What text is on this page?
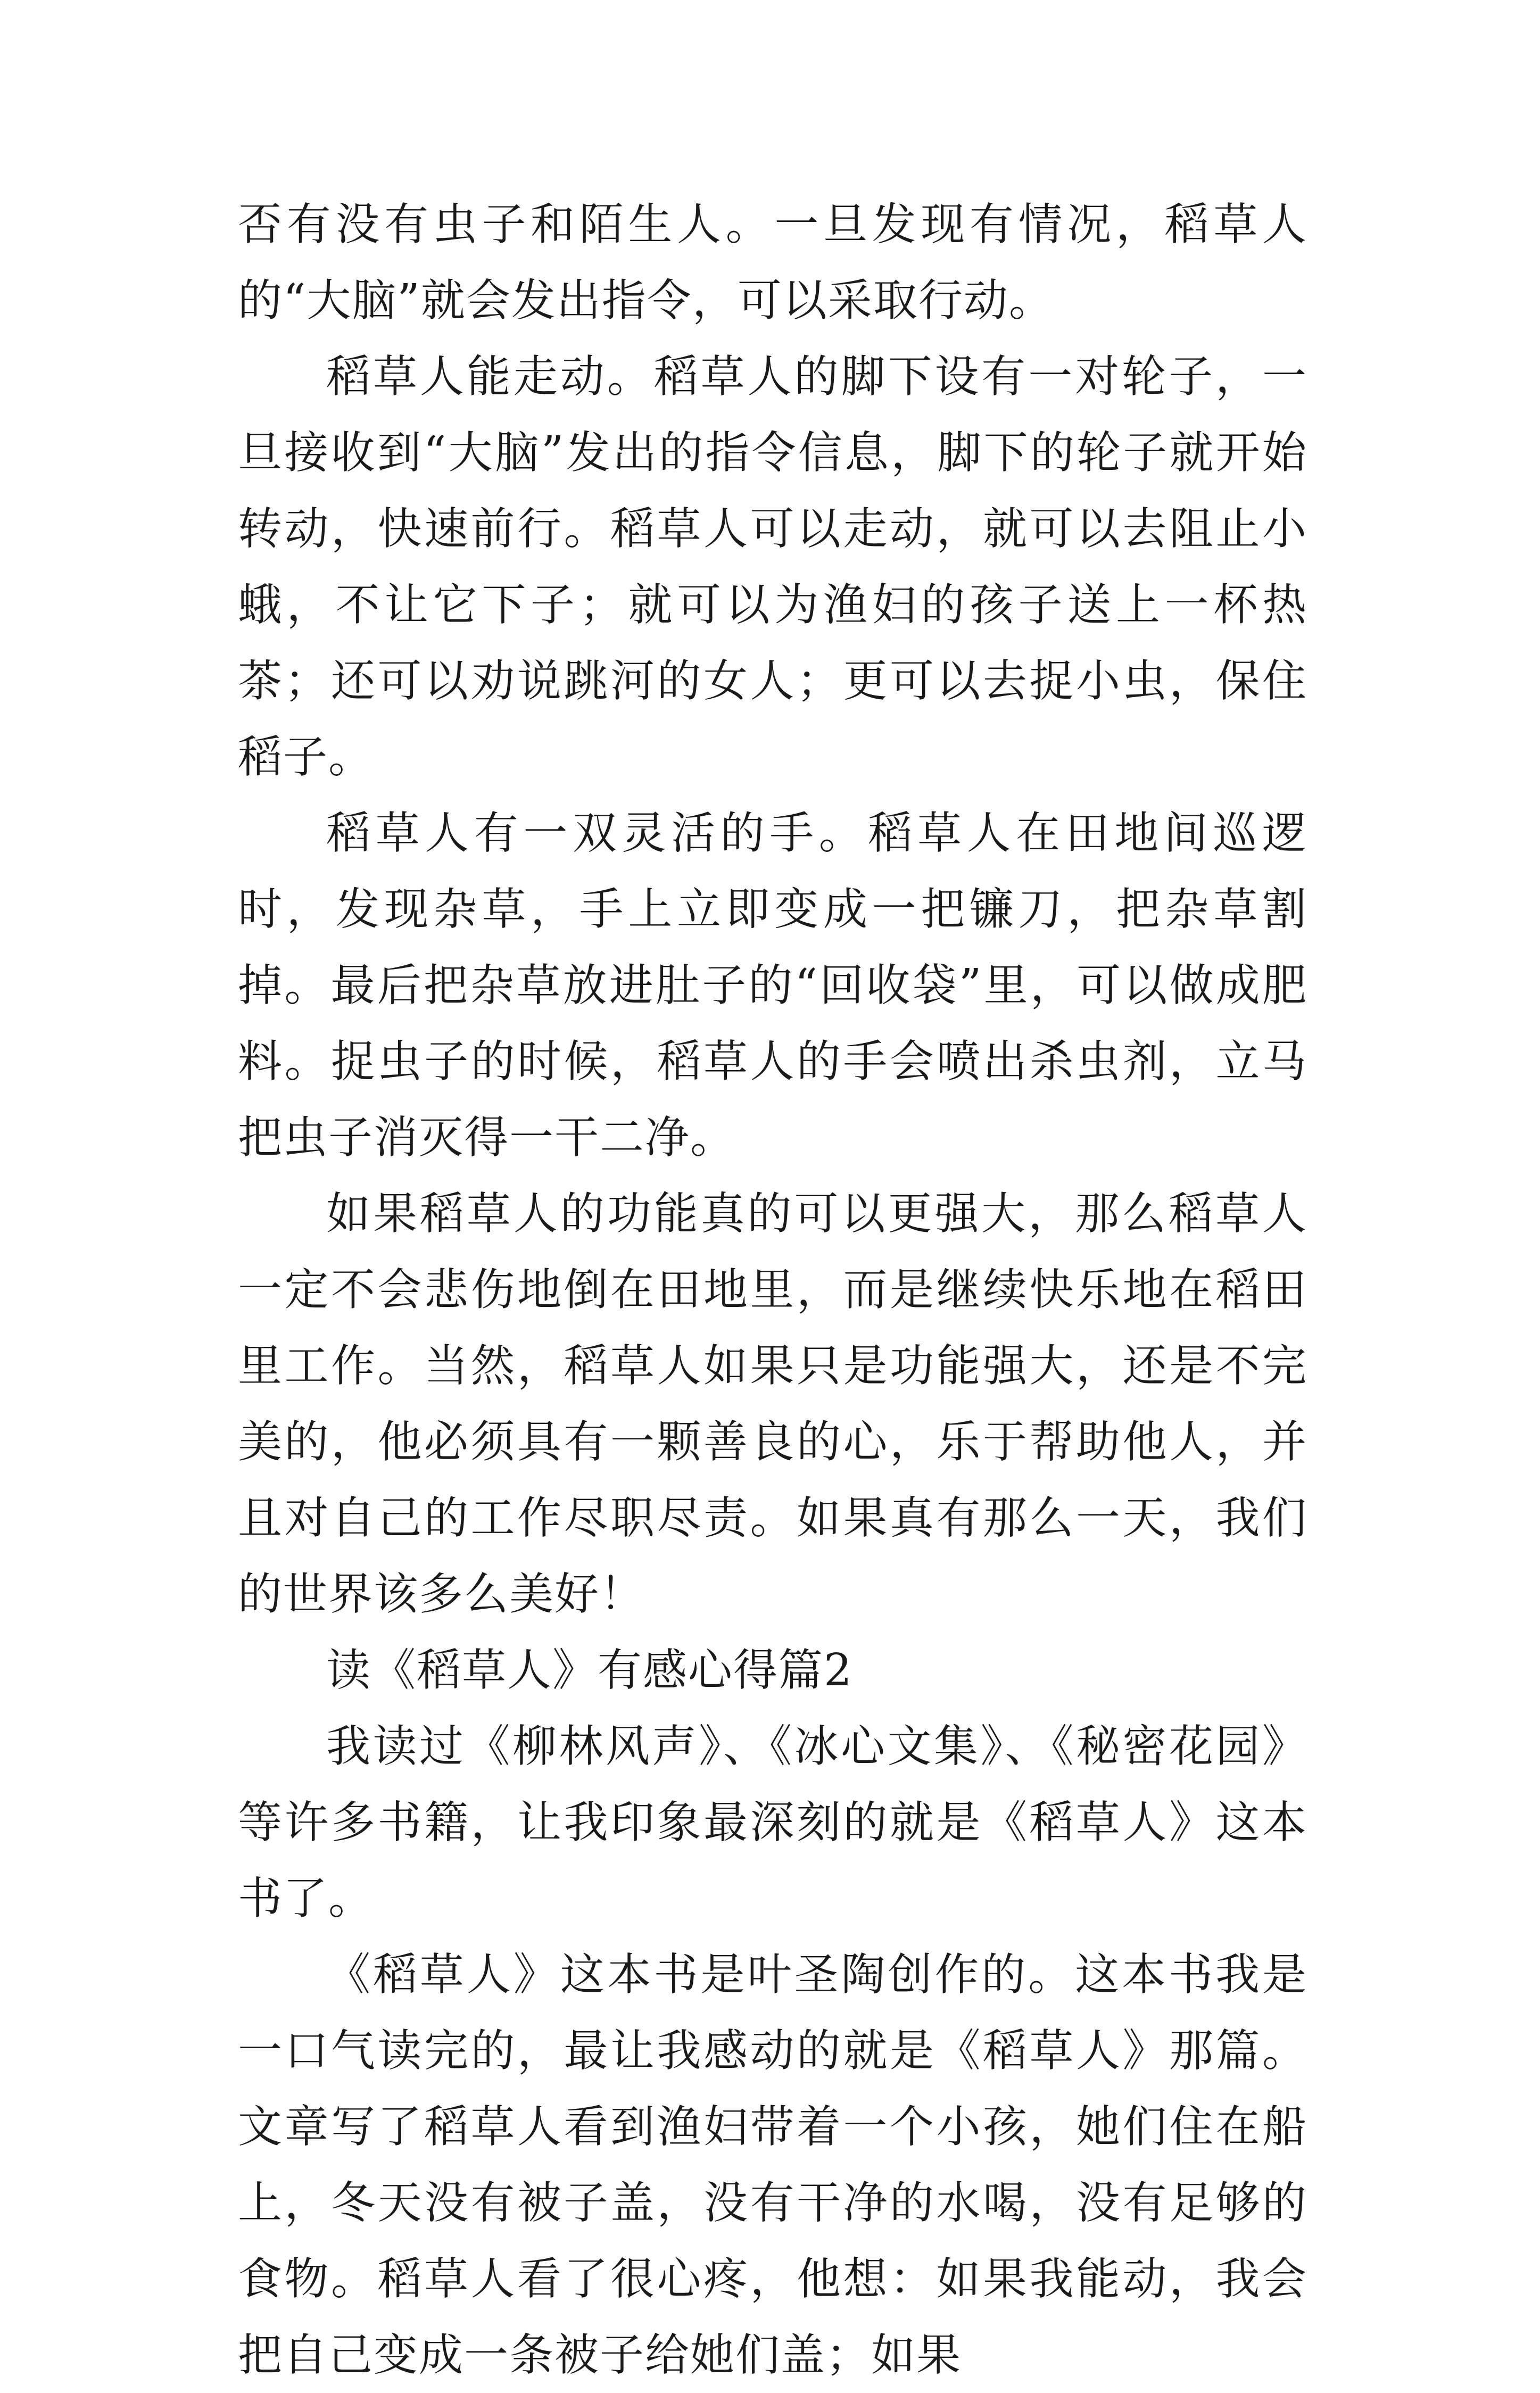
否有没有虫子和陌生人。一旦发现有情况，稻草人的“大脑”就会发出指令，可以采取行动。

稻草人能走动。稻草人的脚下设有一对轮子，一旦接收到“大脑”发出的指令信息，脚下的轮子就开始转动，快速前行。稻草人可以走动，就可以去阻止小蛾，不让它下子；就可以为渔妇的孩子送上一杯热茶；还可以劝说跳河的女人；更可以去捉小虫，保住稻子。

稻草人有一双灵活的手。稻草人在田地间巡逻时，发现杂草，手上立即变成一把镰刀，把杂草割掉。最后把杂草放进肚子的“回收袋”里，可以做成肥料。捉虫子的时候，稻草人的手会喷出杀虫剂，立马把虫子消灭得一干二净。

如果稻草人的功能真的可以更强大，那么稻草人一定不会悲伤地倒在田地里，而是继续快乐地在稻田里工作。当然，稻草人如果只是功能强大，还是不完美的，他必须具有一颗善良的心，乐于帮助他人，并且对自己的工作尽职尽责。如果真有那么一天，我们的世界该多么美好！

读《稻草人》有感心得篇2

我读过《柳林风声》、《冰心文集》、《秘密花园》等许多书籍，让我印象最深刻的就是《稻草人》这本书了。

《稻草人》这本书是叶圣陶创作的。这本书我是一口气读完的，最让我感动的就是《稻草人》那篇。文章写了稻草人看到渔妇带着一个小孩，她们住在船上，冬天没有被子盖，没有干净的水喝，没有足够的食物。稻草人看了很心疼，他想：如果我能动，我会把自己变成一条被子给她们盖；如果
